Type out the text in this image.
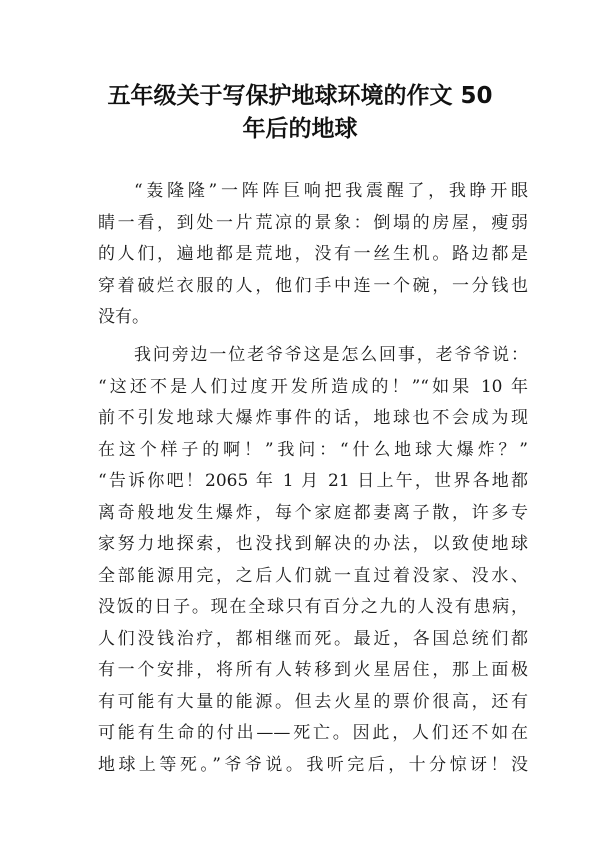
五年级关于写保护地球环境的作文 50
年后的地球
“轰隆隆”一阵阵巨响把我震醒了，我睁开眼
睛一看，到处一片荒凉的景象：倒塌的房屋，瘦弱
的人们，遍地都是荒地，没有一丝生机。路边都是
穿着破烂衣服的人，他们手中连一个碗，一分钱也
没有。
我问旁边一位老爷爷这是怎么回事，老爷爷说：
“这还不是人们过度开发所造成的！”“如果 10 年
前不引发地球大爆炸事件的话，地球也不会成为现
在这个样子的啊！”我问：“什么地球大爆炸？”
“告诉你吧！2065 年 1 月 21 日上午，世界各地都
离奇般地发生爆炸，每个家庭都妻离子散，许多专
家努力地探索，也没找到解决的办法，以致使地球
全部能源用完，之后人们就一直过着没家、没水、
没饭的日子。现在全球只有百分之九的人没有患病，
人们没钱治疗，都相继而死。最近，各国总统们都
有一个安排，将所有人转移到火星居住，那上面极
有可能有大量的能源。但去火星的票价很高，还有
可能有生命的付出——死亡。因此，人们还不如在
地球上等死。”爷爷说。我听完后，十分惊讶！没
